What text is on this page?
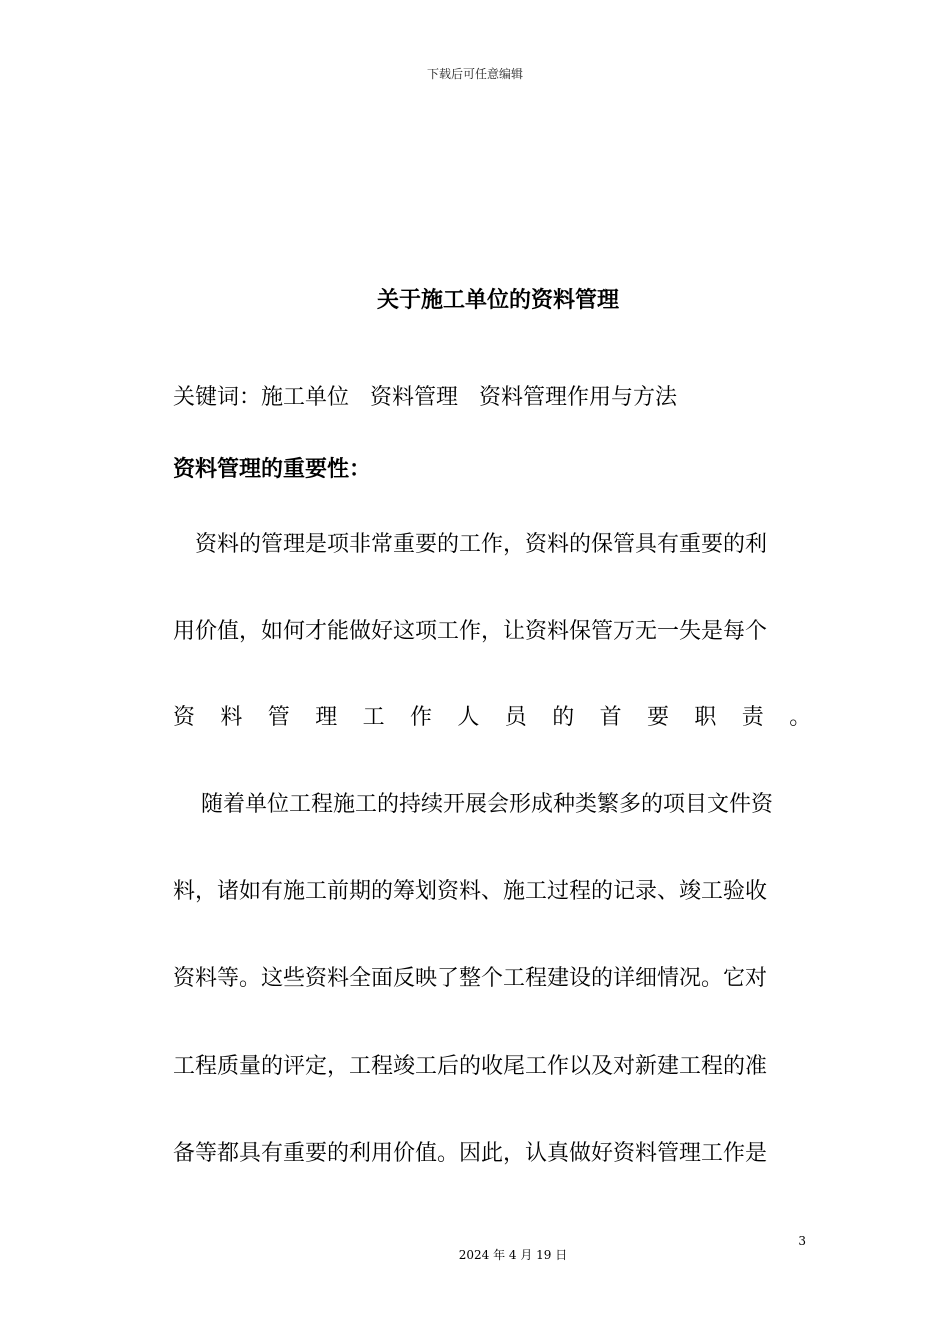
下载后可任意编辑
关于施工单位的资料管理
关键词：施工单位   资料管理   资料管理作用与方法
资料管理的重要性：
资料的管理是项非常重要的工作，资料的保管具有重要的利
用价值，如何才能做好这项工作，让资料保管万无一失是每个
资料管理工作人员的首要职责。
随着单位工程施工的持续开展会形成种类繁多的项目文件资
料，诸如有施工前期的筹划资料、施工过程的记录、竣工验收
资料等。这些资料全面反映了整个工程建设的详细情况。它对
工程质量的评定，工程竣工后的收尾工作以及对新建工程的准
备等都具有重要的利用价值。因此，认真做好资料管理工作是
3
2024 年 4 月 19 日
